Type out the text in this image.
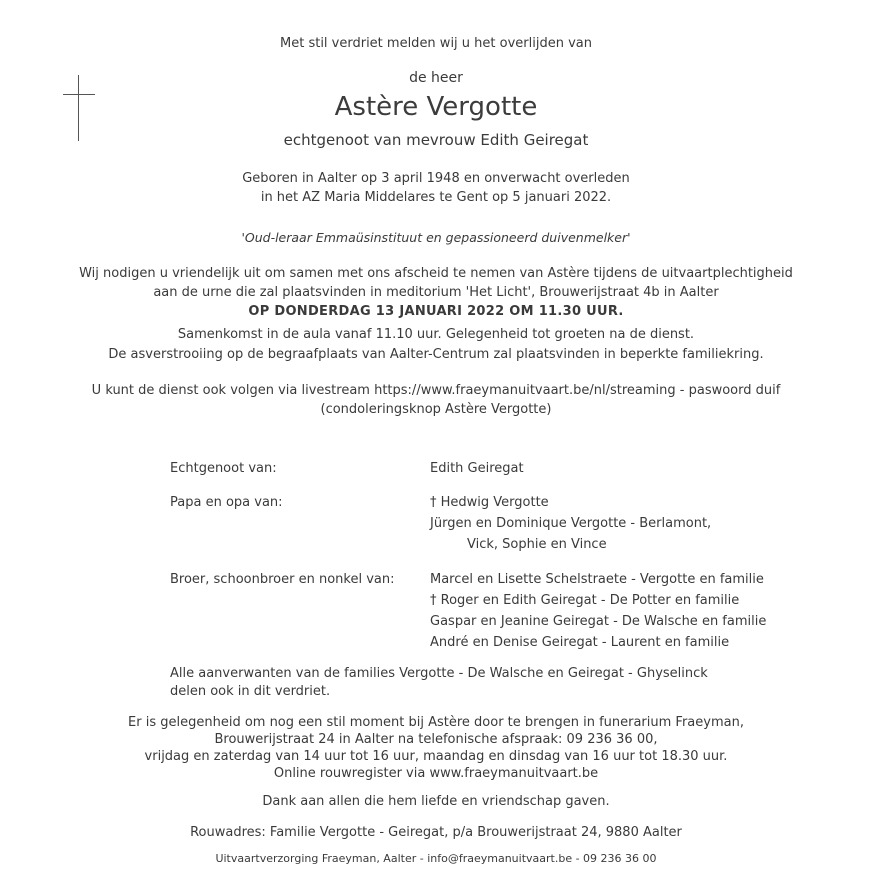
Met stil verdriet melden wij u het overlijden van
de heer
Astère Vergotte
echtgenoot van mevrouw Edith Geiregat
Geboren in Aalter op 3 april 1948 en onverwacht overleden
in het AZ Maria Middelares te Gent op 5 januari 2022.
'Oud-leraar Emmaüsinstituut en gepassioneerd duivenmelker'
Wij nodigen u vriendelijk uit om samen met ons afscheid te nemen van Astère tijdens de uitvaartplechtigheid
aan de urne die zal plaatsvinden in meditorium 'Het Licht', Brouwerijstraat 4b in Aalter
OP DONDERDAG 13 JANUARI 2022 OM 11.30 UUR.
Samenkomst in de aula vanaf 11.10 uur. Gelegenheid tot groeten na de dienst.
De asverstrooiing op de begraafplaats van Aalter-Centrum zal plaatsvinden in beperkte familiekring.
U kunt de dienst ook volgen via livestream https://www.fraeymanuitvaart.be/nl/streaming - paswoord duif
(condoleringsknop Astère Vergotte)
Echtgenoot van:	Edith Geiregat
Papa en opa van:	† Hedwig Vergotte
Jürgen en Dominique Vergotte - Berlamont,
Vick, Sophie en Vince
Broer, schoonbroer en nonkel van:	Marcel en Lisette Schelstraete - Vergotte en familie
† Roger en Edith Geiregat - De Potter en familie
Gaspar en Jeanine Geiregat - De Walsche en familie
André en Denise Geiregat - Laurent en familie
Alle aanverwanten van de families Vergotte - De Walsche en Geiregat - Ghyselinck
delen ook in dit verdriet.
Er is gelegenheid om nog een stil moment bij Astère door te brengen in funerarium Fraeyman,
Brouwerijstraat 24 in Aalter na telefonische afspraak: 09 236 36 00,
vrijdag en zaterdag van 14 uur tot 16 uur, maandag en dinsdag van 16 uur tot 18.30 uur.
Online rouwregister via www.fraeymanuitvaart.be
Dank aan allen die hem liefde en vriendschap gaven.
Rouwadres: Familie Vergotte - Geiregat, p/a Brouwerijstraat 24, 9880 Aalter
Uitvaartverzorging Fraeyman, Aalter - info@fraeymanuitvaart.be - 09 236 36 00
